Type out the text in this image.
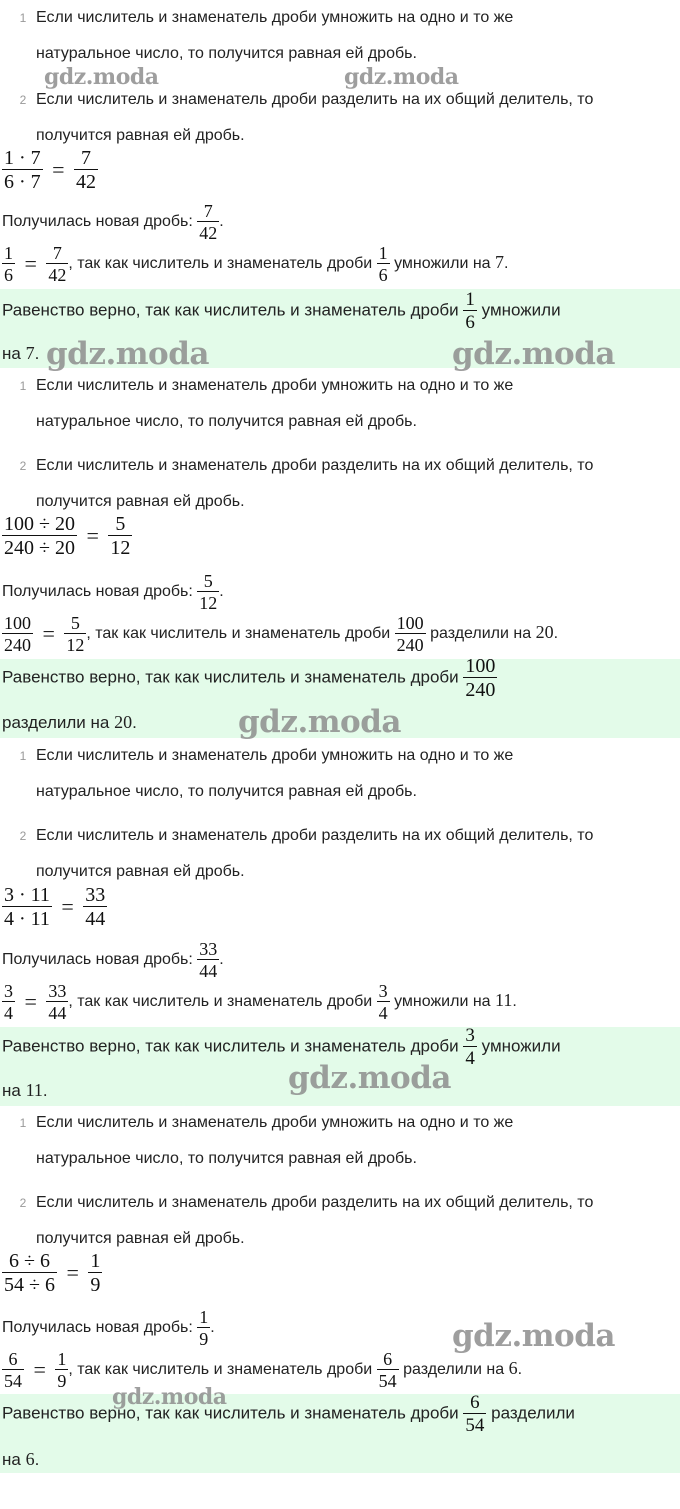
1 Если числитель и знаменатель дроби умножить на одно и то же
натуральное число, то получится равная ей дробь.
2 Если числитель и знаменатель дроби разделить на их общий делитель, то
получится равная ей дробь.
$\frac{1 \cdot 7}{6 \cdot 7} = \frac{7}{42}$
Получилась новая дробь: $\frac{7}{42}$ .
$\frac{1}{6} = \frac{7}{42}$ , так как числитель и знаменатель дроби $\frac{1}{6}$ умножили на 7.
Равенство верно, так как числитель и знаменатель дроби $\frac{1}{6}$ умножили
на 7.
1 Если числитель и знаменатель дроби умножить на одно и то же
натуральное число, то получится равная ей дробь.
2 Если числитель и знаменатель дроби разделить на их общий делитель, то
получится равная ей дробь.
$\frac{100 \div 20}{240 \div 20} = \frac{5}{12}$
Получилась новая дробь: $\frac{5}{12}$ .
$\frac{100}{240} = \frac{5}{12}$ , так как числитель и знаменатель дроби $\frac{100}{240}$ разделили на 20.
Равенство верно, так как числитель и знаменатель дроби $\frac{100}{240}$
разделили на 20.
1 Если числитель и знаменатель дроби умножить на одно и то же
натуральное число, то получится равная ей дробь.
2 Если числитель и знаменатель дроби разделить на их общий делитель, то
получится равная ей дробь.
$\frac{3 \cdot 11}{4 \cdot 11} = \frac{33}{44}$
Получилась новая дробь: $\frac{33}{44}$ .
$\frac{3}{4} = \frac{33}{44}$ , так как числитель и знаменатель дроби $\frac{3}{4}$ умножили на 11.
Равенство верно, так как числитель и знаменатель дроби $\frac{3}{4}$ умножили
на 11.
1 Если числитель и знаменатель дроби умножить на одно и то же
натуральное число, то получится равная ей дробь.
2 Если числитель и знаменатель дроби разделить на их общий делитель, то
получится равная ей дробь.
$\frac{6 \div 6}{54 \div 6} = \frac{1}{9}$
Получилась новая дробь: $\frac{1}{9}$ .
$\frac{6}{54} = \frac{1}{9}$ , так как числитель и знаменатель дроби $\frac{6}{54}$ разделили на 6.
Равенство верно, так как числитель и знаменатель дроби $\frac{6}{54}$ разделили
на 6.
gdz.moda	gdz.moda
gdz.moda	gdz.moda
gdz.moda
gdz.moda
gdz.moda
gdz.moda
